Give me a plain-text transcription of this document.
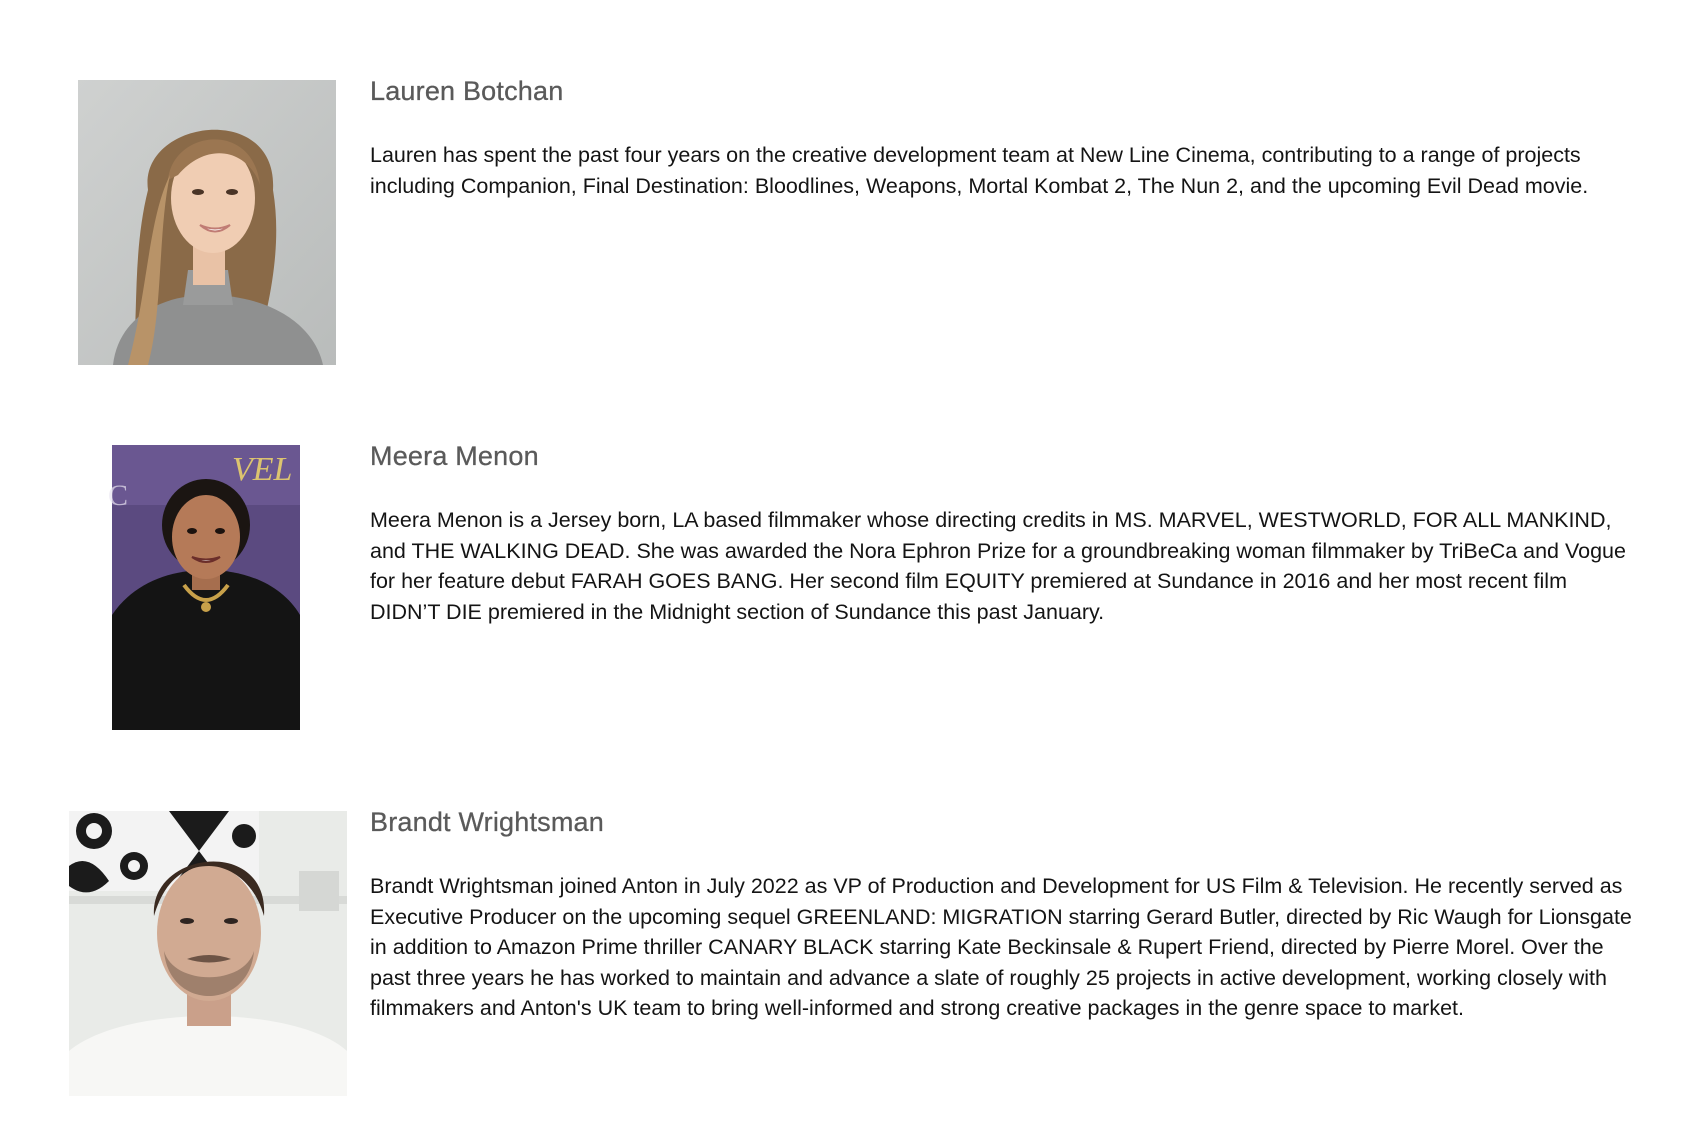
Lauren Botchan

Lauren has spent the past four years on the creative development team at New Line Cinema, contributing to a range of projects including Companion, Final Destination: Bloodlines, Weapons, Mortal Kombat 2, The Nun 2, and the upcoming Evil Dead movie.

VEL
C
Meera Menon

Meera Menon is a Jersey born, LA based filmmaker whose directing credits in MS. MARVEL, WESTWORLD, FOR ALL MANKIND, and THE WALKING DEAD. She was awarded the Nora Ephron Prize for a groundbreaking woman filmmaker by TriBeCa and Vogue for her feature debut FARAH GOES BANG. Her second film EQUITY premiered at Sundance in 2016 and her most recent film DIDN’T DIE premiered in the Midnight section of Sundance this past January.

Brandt Wrightsman

Brandt Wrightsman joined Anton in July 2022 as VP of Production and Development for US Film & Television. He recently served as Executive Producer on the upcoming sequel GREENLAND: MIGRATION starring Gerard Butler, directed by Ric Waugh for Lionsgate in addition to Amazon Prime thriller CANARY BLACK starring Kate Beckinsale & Rupert Friend, directed by Pierre Morel. Over the past three years he has worked to maintain and advance a slate of roughly 25 projects in active development, working closely with filmmakers and Anton's UK team to bring well-informed and strong creative packages in the genre space to market.
